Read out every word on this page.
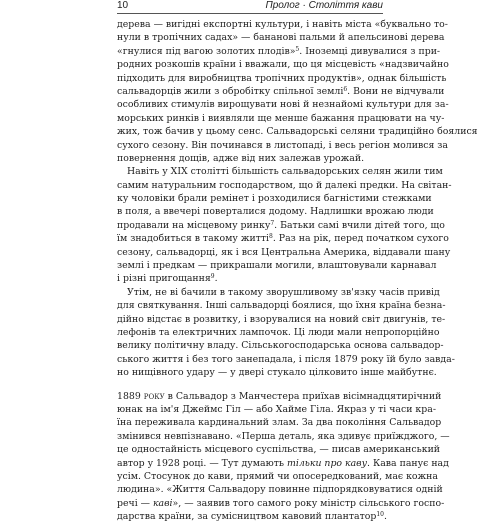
10	Пролог · Століття кави
дерева — вигідні експортні культури, і навіть міста «буквально то-
нули в тропічних садах» — бананові пальми й апельсинові дерева
«гнулися під вагою золотих плодів»$^5$. Іноземці дивувалися з при-
родних розкошів країни і вважали, що ця місцевість «надзвичайно
підходить для виробництва тропічних продуктів», однак більшість
сальвадорців жили з обробітку спільної землі$^6$. Вони не відчували
особливих стимулів вирощувати нові й незнайомі культури для за-
морських ринків і виявляли ще менше бажання працювати на чу-
жих, тож бачив у цьому сенс. Сальвадорські селяни традиційно боялися
сухого сезону. Він починався в листопаді, і весь регіон молився за
повернення дощів, адже від них залежав урожай.
Навіть у XIX столітті більшість сальвадорських селян жили тим
самим натуральним господарством, що й далекі предки. На світан-
ку чоловіки брали ремінет і розходилися багністими стежками
в поля, а ввечері поверталися додому. Надлишки врожаю люди
продавали на місцевому ринку$^7$. Батьки самі вчили дітей того, що
їм знадобиться в такому житті$^8$. Раз на рік, перед початком сухого
сезону, сальвадорці, як і вся Центральна Америка, віддавали шану
землі і предкам — прикрашали могили, влаштовували карнавал
і різні пригощання$^9$.
Утім, не ві бачили в такому зворушливому зв'язку часів привід
для святкування. Інші сальвадорці боялися, що їхня країна безна-
дійно відстає в розвитку, і взорувалися на новий світ двигунів, те-
лефонів та електричних лампочок. Ці люди мали непропорційно
велику політичну владу. Сільськогосподарська основа сальвадор-
ського життя і без того занепадала, і після 1879 року їй було завда-
но нищівного удару — у двері стукало цілковито інше майбутнє.
1889 року в Сальвадор з Манчестера приїхав вісімнадцятирічний
юнак на ім'я Джеймс Гіл — або Хайме Гіла. Якраз у ті часи кра-
їна переживала кардинальний злам. За два покоління Сальвадор
змінився невпізнавано. «Перша деталь, яка здивує приїжджого, —
це одностайність місцевого суспільства, — писав американський
автор у 1928 році. — Тут думають тільки про каву. Кава панує над
усім. Стосунок до кави, прямий чи опосередкований, має кожна
людина». «Життя Сальвадору повинне підпорядковуватися одній
речі — каві», — заявив того самого року міністр сільського госпо-
дарства країни, за сумісництвом кавовий плантатор$^{10}$.
